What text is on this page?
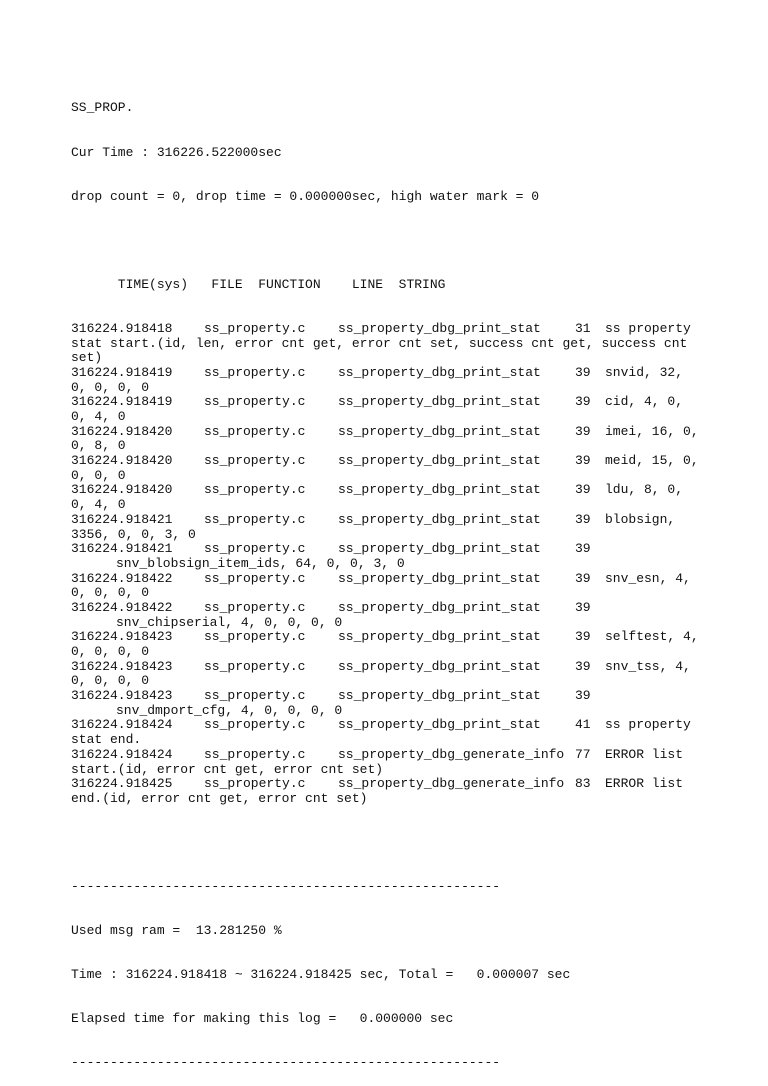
SS_PROP.

Cur Time : 316226.522000sec

drop count = 0, drop time = 0.000000sec, high water mark = 0

TIME(sys)   FILE  FUNCTION    LINE  STRING

316224.918418 ss_property.c	ss_property_dbg_print_stat	31 ss property
stat start.(id, len, error cnt get, error cnt set, success cnt get, success cnt
set)
316224.918419 ss_property.c	ss_property_dbg_print_stat	39 snvid, 32,
0, 0, 0, 0
316224.918419 ss_property.c	ss_property_dbg_print_stat	39 cid, 4, 0,
0, 4, 0
316224.918420 ss_property.c	ss_property_dbg_print_stat	39 imei, 16, 0,
0, 8, 0
316224.918420 ss_property.c	ss_property_dbg_print_stat	39 meid, 15, 0,
0, 0, 0
316224.918420 ss_property.c	ss_property_dbg_print_stat	39 ldu, 8, 0,
0, 4, 0
316224.918421 ss_property.c	ss_property_dbg_print_stat	39 blobsign,
3356, 0, 0, 3, 0
316224.918421 ss_property.c	ss_property_dbg_print_stat	39
snv_blobsign_item_ids, 64, 0, 0, 3, 0
316224.918422 ss_property.c	ss_property_dbg_print_stat	39 snv_esn, 4,
0, 0, 0, 0
316224.918422 ss_property.c	ss_property_dbg_print_stat	39
snv_chipserial, 4, 0, 0, 0, 0
316224.918423 ss_property.c	ss_property_dbg_print_stat	39 selftest, 4,
0, 0, 0, 0
316224.918423 ss_property.c	ss_property_dbg_print_stat	39 snv_tss, 4,
0, 0, 0, 0
316224.918423 ss_property.c	ss_property_dbg_print_stat	39
snv_dmport_cfg, 4, 0, 0, 0, 0
316224.918424 ss_property.c	ss_property_dbg_print_stat	41 ss property
stat end.
316224.918424 ss_property.c	ss_property_dbg_generate_info 77 ERROR list
start.(id, error cnt get, error cnt set)
316224.918425 ss_property.c	ss_property_dbg_generate_info 83 ERROR list
end.(id, error cnt get, error cnt set)

-------------------------------------------------------

Used msg ram =  13.281250 %

Time : 316224.918418 ~ 316224.918425 sec, Total =   0.000007 sec

Elapsed time for making this log =   0.000000 sec

-------------------------------------------------------
